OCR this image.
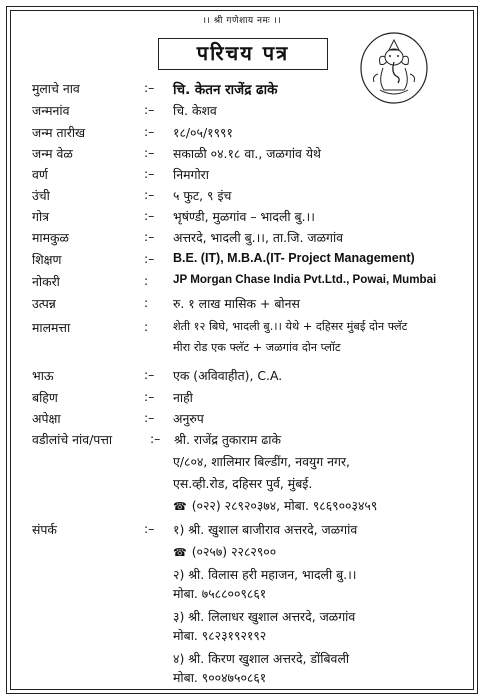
।। श्री गणेशाय नमः ।।
परिचय पत्र
मुलाचे नाव	:– चि. केतन राजेंद्र ढाके
जन्मनांव	:– चि. केशव
जन्म तारीख	:– १८/०५/१९९१
जन्म वेळ	:– सकाळी ०४.१८ वा., जळगांव येथे
वर्ण	:– निमगोरा
उंची	:– ५ फुट, ९ इंच
गोत्र	:– भृषंण्डी, मुळगांव – भादली बु.।।
मामकुळ	:– अत्तरदे, भादली बु.।।, ता.जि. जळगांव
शिक्षण	:– B.E. (IT), M.B.A.(IT- Project Management)
नोकरी	: JP Morgan Chase India Pvt.Ltd., Powai, Mumbai
उत्पन्न	: रु. १ लाख मासिक + बोनस
मालमत्ता	: शेती १२ बिघे, भादली बु.।। येथे + दहिसर मुंबई दोन फ्लॅट
मीरा रोड एक फ्लॅट + जळगांव दोन प्लॉट
भाऊ	:– एक (अविवाहीत), C.A.
बहिण	:– नाही
अपेक्षा	:– अनुरुप
वडीलांचे नांव/पत्ता	:– श्री. राजेंद्र तुकाराम ढाके
ए/८०४, शालिमार बिल्डींग, नवयुग नगर,
एस.व्ही.रोड, दहिसर पुर्व, मुंबई.
☎ (०२२) २८९२०३७४, मोबा. ९८६९००३४५९
संपर्क	:– १) श्री. खुशाल बाजीराव अत्तरदे, जळगांव
☎ (०२५७) २२८२९००
२) श्री. विलास हरी महाजन, भादली बु.।।
मोबा. ७५८८००९८६१
३) श्री. लिलाधर खुशाल अत्तरदे, जळगांव
मोबा. ९८२३१९२१९२
४) श्री. किरण खुशाल अत्तरदे, डोंबिवली
मोबा. ९००४७५०८६१
